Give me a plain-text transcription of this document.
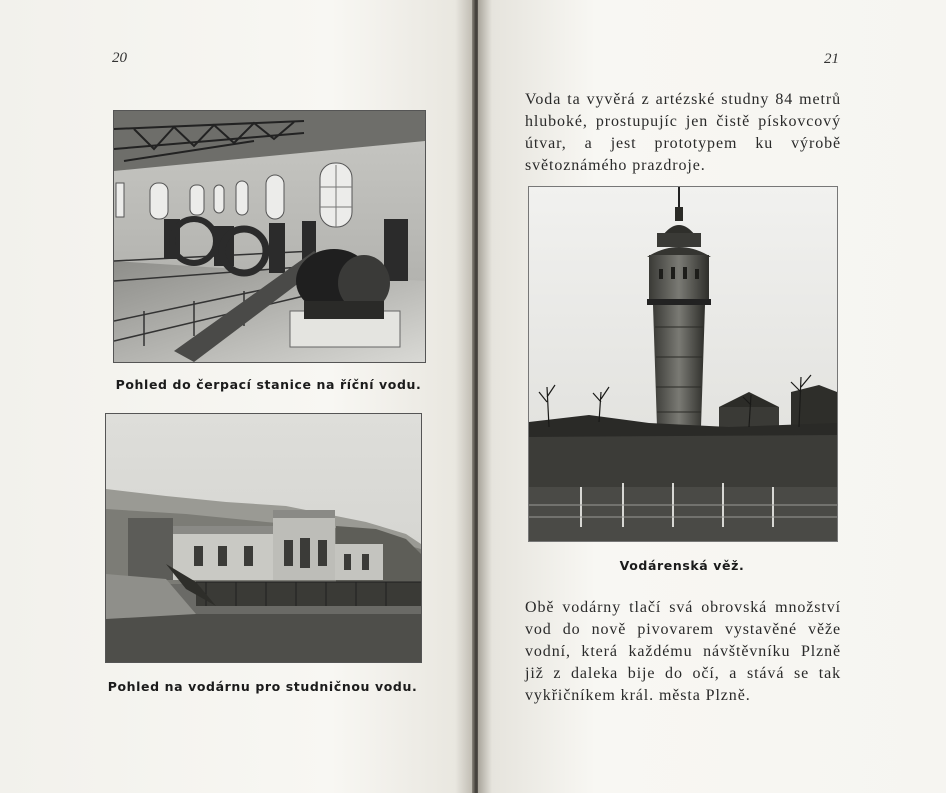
20
Pohled do čerpací stanice na říční vodu.
Pohled na vodárnu pro studničnou vodu.
21

Voda ta vyvěrá z artézské studny 84 metrů hluboké, prostupujíc jen čistě pískovcový útvar, a jest prototypem ku výrobě světoznámého prazdroje.

Vodárenská věž.

Obě vodárny tlačí svá obrovská množství vod do nově pivovarem vystavěné věže vodní, která každému návštěvníku Plzně již z daleka bije do očí, a stává se tak vykřičníkem král. města Plzně.
